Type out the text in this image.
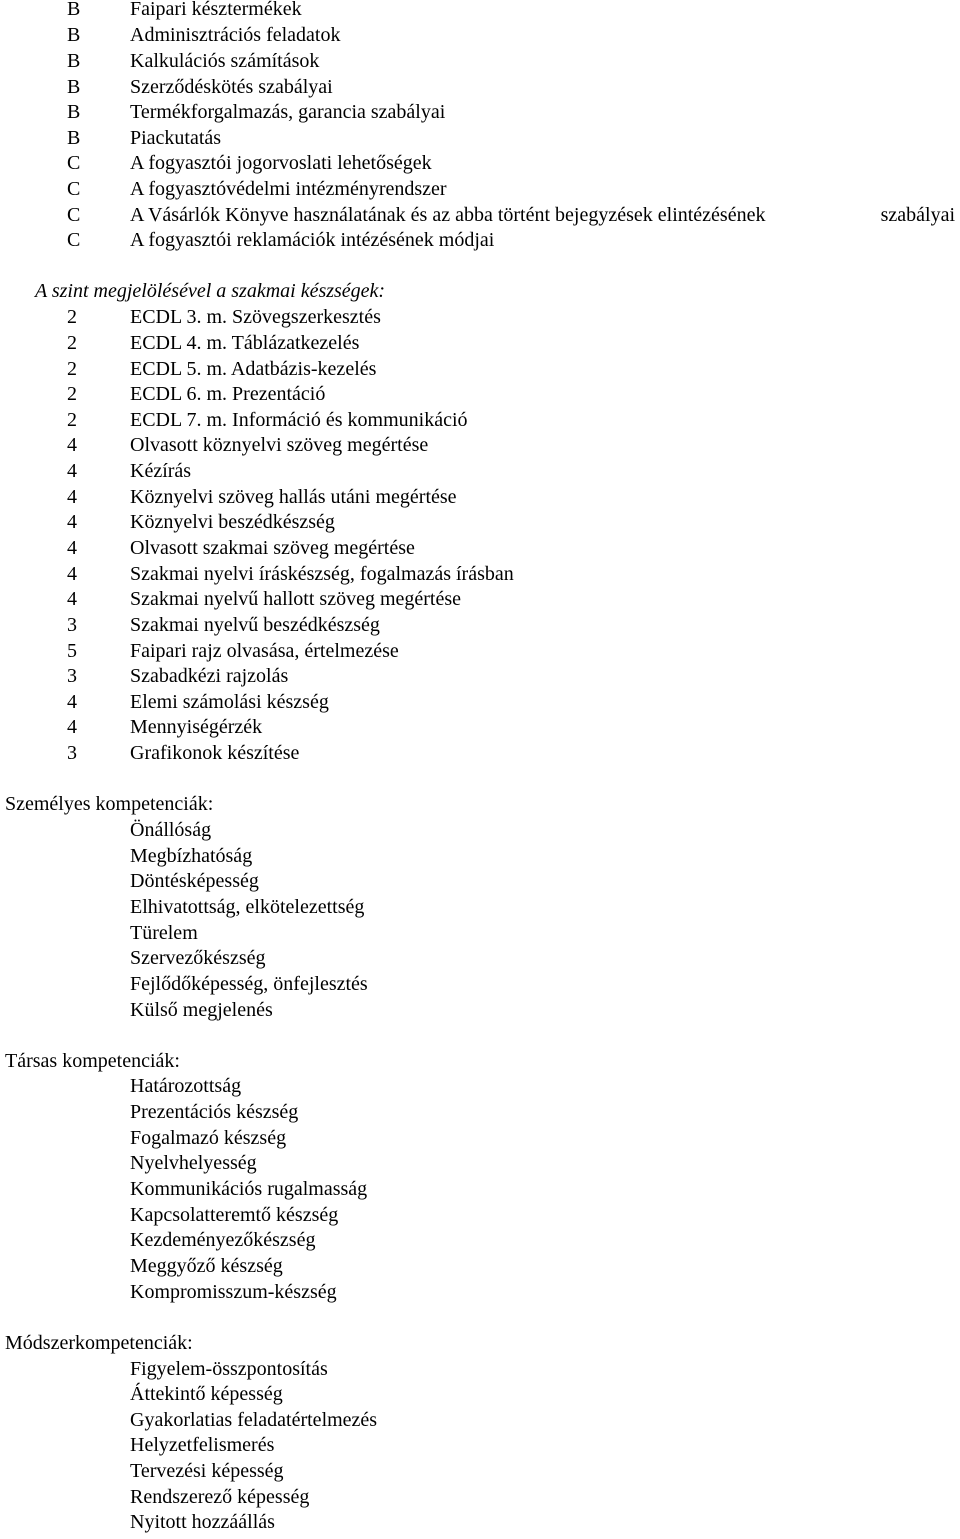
B	Faipari késztermékek
B	Adminisztrációs feladatok
B	Kalkulációs számítások
B	Szerződéskötés szabályai
B	Termékforgalmazás, garancia szabályai
B	Piackutatás
C	A fogyasztói jogorvoslati lehetőségek
C	A fogyasztóvédelmi intézményrendszer
C	A Vásárlók Könyve használatának és az abba történt bejegyzések elintézésének	szabályai
C	A fogyasztói reklamációk intézésének módjai
A szint megjelölésével a szakmai készségek:
2	ECDL 3. m. Szövegszerkesztés
2	ECDL 4. m. Táblázatkezelés
2	ECDL 5. m. Adatbázis-kezelés
2	ECDL 6. m. Prezentáció
2	ECDL 7. m. Információ és kommunikáció
4	Olvasott köznyelvi szöveg megértése
4	Kézírás
4	Köznyelvi szöveg hallás utáni megértése
4	Köznyelvi beszédkészség
4	Olvasott szakmai szöveg megértése
4	Szakmai nyelvi íráskészség, fogalmazás írásban
4	Szakmai nyelvű hallott szöveg megértése
3	Szakmai nyelvű beszédkészség
5	Faipari rajz olvasása, értelmezése
3	Szabadkézi rajzolás
4	Elemi számolási készség
4	Mennyiségérzék
3	Grafikonok készítése
Személyes kompetenciák:
Önállóság
Megbízhatóság
Döntésképesség
Elhivatottság, elkötelezettség
Türelem
Szervezőkészség
Fejlődőképesség, önfejlesztés
Külső megjelenés
Társas kompetenciák:
Határozottság
Prezentációs készség
Fogalmazó készség
Nyelvhelyesség
Kommunikációs rugalmasság
Kapcsolatteremtő készség
Kezdeményezőkészség
Meggyőző készség
Kompromisszum-készség
Módszerkompetenciák:
Figyelem-összpontosítás
Áttekintő képesség
Gyakorlatias feladatértelmezés
Helyzetfelismerés
Tervezési képesség
Rendszerező képesség
Nyitott hozzáállás
